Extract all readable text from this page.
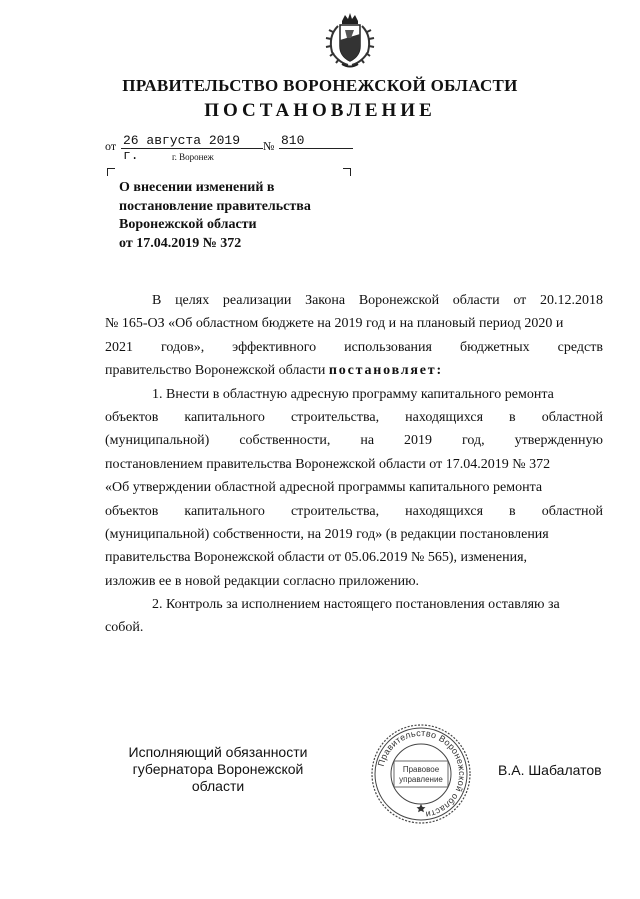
ПРАВИТЕЛЬСТВО ВОРОНЕЖСКОЙ ОБЛАСТИ
ПОСТАНОВЛЕНИЕ
от 26 августа 2019 г.
№ 810
г. Воронеж
О внесении изменений в
постановление правительства
Воронежской области
от 17.04.2019 № 372
В целях реализации Закона Воронежской области от 20.12.2018
№ 165-ОЗ «Об областном бюджете на 2019 год и на плановый период 2020 и
2021 годов», эффективного использования бюджетных средств
правительство Воронежской области постановляет:
1. Внести в областную адресную программу капитального ремонта
объектов капитального строительства, находящихся в областной
(муниципальной) собственности, на 2019 год, утвержденную
постановлением правительства Воронежской области от 17.04.2019 № 372
«Об утверждении областной адресной программы капитального ремонта
объектов капитального строительства, находящихся в областной
(муниципальной) собственности, на 2019 год» (в редакции постановления
правительства Воронежской области от 05.06.2019 № 565), изменения,
изложив ее в новой редакции согласно приложению.
2. Контроль за исполнением настоящего постановления оставляю за
собой.
Исполняющий обязанности
губернатора Воронежской области
Правительство Воронежской области
Правовое
управление
В.А. Шабалатов
